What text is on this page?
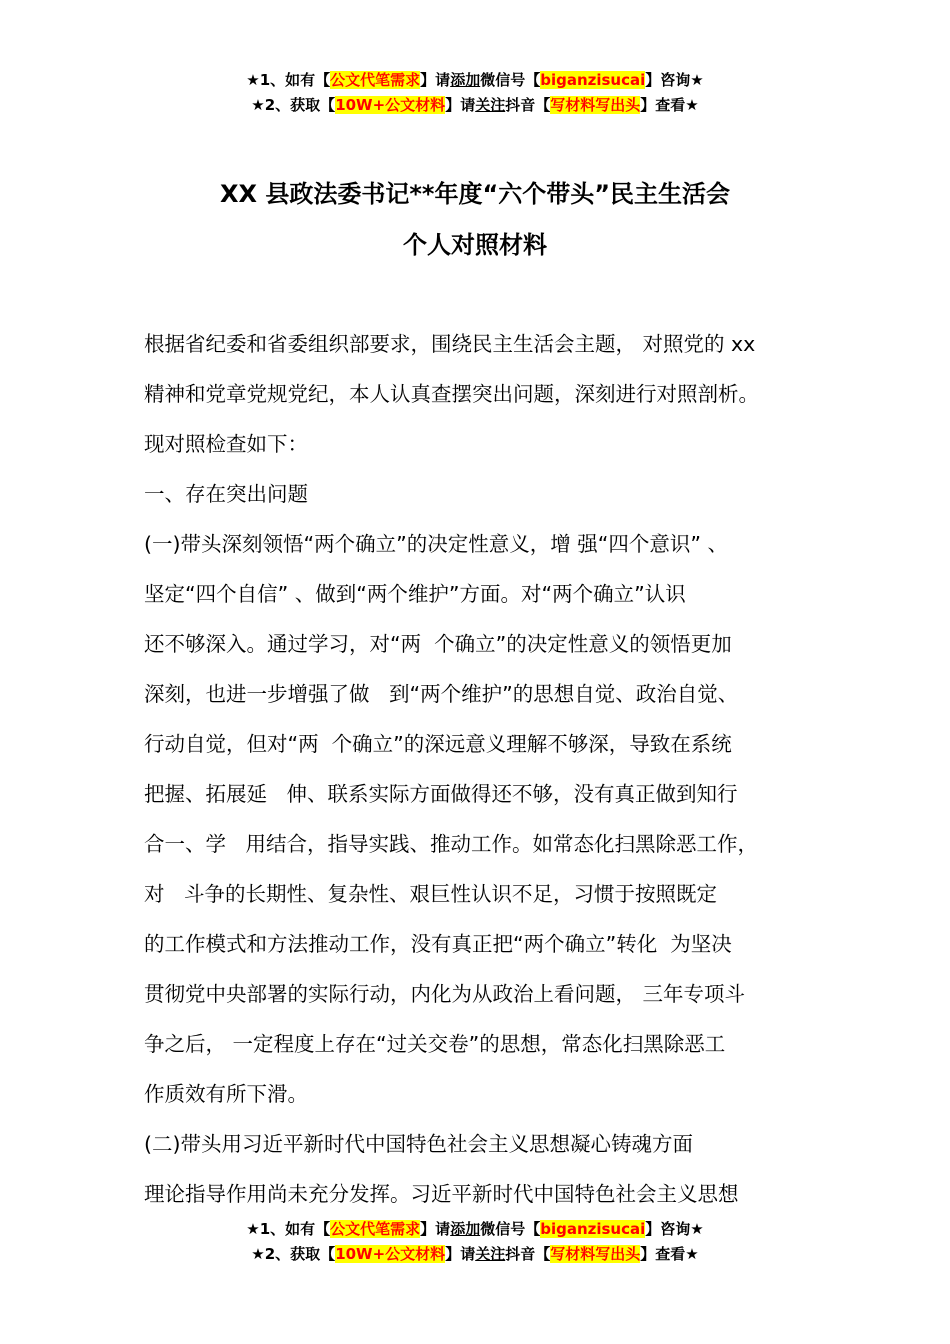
★1、如有【公文代笔需求】请添加微信号【biganzisucai】咨询★
★2、获取【10W+公文材料】请关注抖音【写材料写出头】查看★
XX 县政法委书记**年度“六个带头”民主生活会
个人对照材料
根据省纪委和省委组织部要求，围绕民主生活会主题， 对照党的 xx
精神和党章党规党纪，本人认真查摆突出问题，深刻进行对照剖析。
现对照检查如下：
一、存在突出问题
(一)带头深刻领悟“两个确立”的决定性意义，增 强“四个意识” 、
坚定“四个自信” 、做到“两个维护”方面。对“两个确立”认识
还不够深入。通过学习，对“两  个确立”的决定性意义的领悟更加
深刻，也进一步增强了做   到“两个维护”的思想自觉、政治自觉、
行动自觉，但对“两  个确立”的深远意义理解不够深，导致在系统
把握、拓展延   伸、联系实际方面做得还不够，没有真正做到知行
合一、学   用结合，指导实践、推动工作。如常态化扫黑除恶工作，
对   斗争的长期性、复杂性、艰巨性认识不足，习惯于按照既定
的工作模式和方法推动工作，没有真正把“两个确立”转化  为坚决
贯彻党中央部署的实际行动，内化为从政治上看问题， 三年专项斗
争之后， 一定程度上存在“过关交卷”的思想，常态化扫黑除恶工
作质效有所下滑。
(二)带头用习近平新时代中国特色社会主义思想凝心铸魂方面
理论指导作用尚未充分发挥。习近平新时代中国特色社会主义思想
★1、如有【公文代笔需求】请添加微信号【biganzisucai】咨询★
★2、获取【10W+公文材料】请关注抖音【写材料写出头】查看★
